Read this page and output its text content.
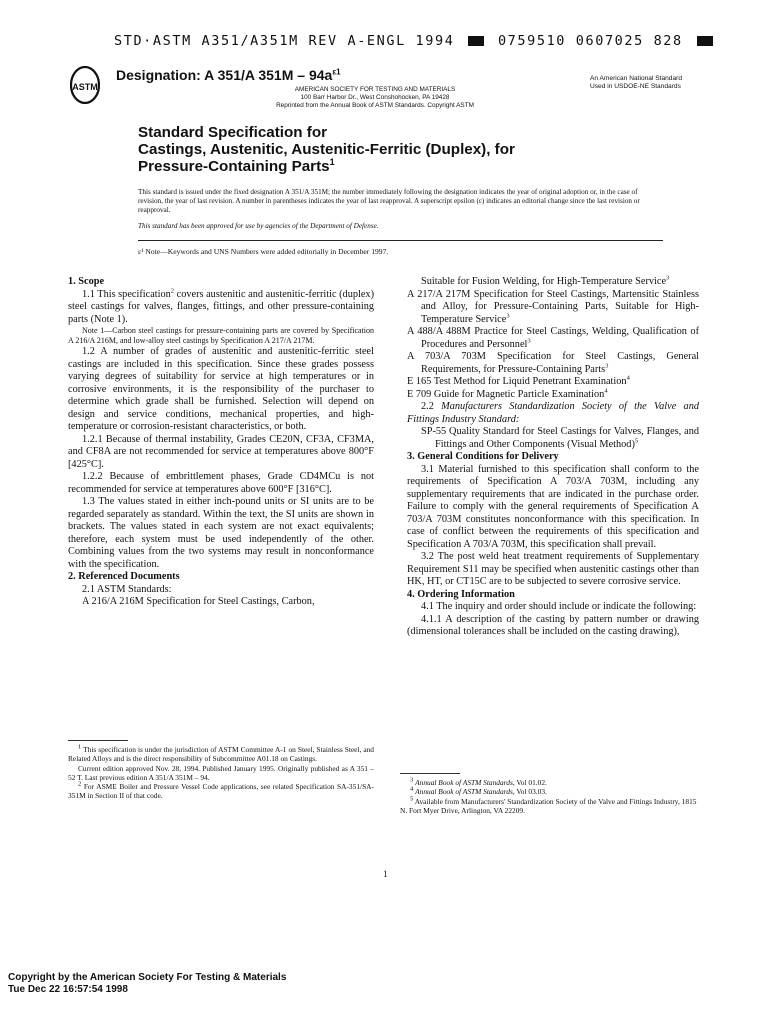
STD·ASTM A351/A351M REV A-ENGL 1994	0759510 0607025 828
ASTM
Designation: A 351/A $351M - 94a^{\varepsilon 1}$
AMERICAN SOCIETY FOR TESTING AND MATERIALS
100 Barr Harbor Dr., West Conshohocken, PA 19428
Reprinted from the Annual Book of ASTM Standards. Copyright ASTM
An American National Standard
Used in USDOE-NE Standards
Standard Specification for
Castings, Austenitic, Austenitic-Ferritic (Duplex), for
Pressure-Containing Parts$^1$

This standard is issued under the fixed designation A 351/A 351M; the number immediately following the designation indicates the year of original adoption or, in the case of revision, the year of last revision. A number in parentheses indicates the year of last reapproval. A superscript epsilon (ε) indicates an editorial change since the last revision or reapproval.

This standard has been approved for use by agencies of the Department of Defense.

ε¹ Note—Keywords and UNS Numbers were added editorially in December 1997.

1. Scope

1.1 This specification$^2$ covers austenitic and austenitic-ferritic (duplex) steel castings for valves, flanges, fittings, and other pressure-containing parts (Note 1).

Note 1—Carbon steel castings for pressure-containing parts are covered by Specification A 216/A 216M, and low-alloy steel castings by Specification A 217/A 217M.

1.2 A number of grades of austenitic and austenitic-ferritic steel castings are included in this specification. Since these grades possess varying degrees of suitability for service at high temperatures or in corrosive environments, it is the responsibility of the purchaser to determine which grade shall be furnished. Selection will depend on design and service conditions, mechanical properties, and high-temperature or corrosion-resistant characteristics, or both.

1.2.1 Because of thermal instability, Grades CE20N, CF3A, CF3MA, and CF8A are not recommended for service at temperatures above 800°F [425°C].

1.2.2 Because of embrittlement phases, Grade CD4MCu is not recommended for service at temperatures above 600°F [316°C].

1.3 The values stated in either inch-pound units or SI units are to be regarded separately as standard. Within the text, the SI units are shown in brackets. The values stated in each system are not exact equivalents; therefore, each system must be used independently of the other. Combining values from the two systems may result in nonconformance with the specification.

2. Referenced Documents

2.1 ASTM Standards:

A 216/A 216M Specification for Steel Castings, Carbon,

Suitable for Fusion Welding, for High-Temperature Service$^3$

A 217/A 217M Specification for Steel Castings, Martensitic Stainless and Alloy, for Pressure-Containing Parts, Suitable for High-Temperature Service$^3$

A 488/A 488M Practice for Steel Castings, Welding, Qualification of Procedures and Personnel$^3$

A 703/A 703M Specification for Steel Castings, General Requirements, for Pressure-Containing Parts$^3$

E 165 Test Method for Liquid Penetrant Examination$^4$

E 709 Guide for Magnetic Particle Examination$^4$

2.2 Manufacturers Standardization Society of the Valve and Fittings Industry Standard:

SP-55 Quality Standard for Steel Castings for Valves, Flanges, and Fittings and Other Components (Visual Method)$^5$

3. General Conditions for Delivery

3.1 Material furnished to this specification shall conform to the requirements of Specification A 703/A 703M, including any supplementary requirements that are indicated in the purchase order. Failure to comply with the general requirements of Specification A 703/A 703M constitutes nonconformance with this specification. In case of conflict between the requirements of this specification and Specification A 703/A 703M, this specification shall prevail.

3.2 The post weld heat treatment requirements of Supplementary Requirement S11 may be specified when austenitic castings other than HK, HT, or CT15C are to be subjected to severe corrosive service.

4. Ordering Information

4.1 The inquiry and order should include or indicate the following:

4.1.1 A description of the casting by pattern number or drawing (dimensional tolerances shall be included on the casting drawing),

$^1$ This specification is under the jurisdiction of ASTM Committee A-1 on Steel, Stainless Steel, and Related Alloys and is the direct responsibility of Subcommittee A01.18 on Castings.

Current edition approved Nov. 28, 1994. Published January 1995. Originally published as A 351 – 52 T. Last previous edition A 351/A 351M – 94.

$^2$ For ASME Boiler and Pressure Vessel Code applications, see related Specification SA-351/SA-351M in Section II of that code.

$^3$ Annual Book of ASTM Standards, Vol 01.02.

$^4$ Annual Book of ASTM Standards, Vol 03.03.

$^5$ Available from Manufacturers' Standardization Society of the Valve and Fittings Industry, 1815 N. Fort Myer Drive, Arlington, VA 22209.

1
Copyright by the American Society For Testing & Materials
Tue Dec 22 16:57:54 1998
